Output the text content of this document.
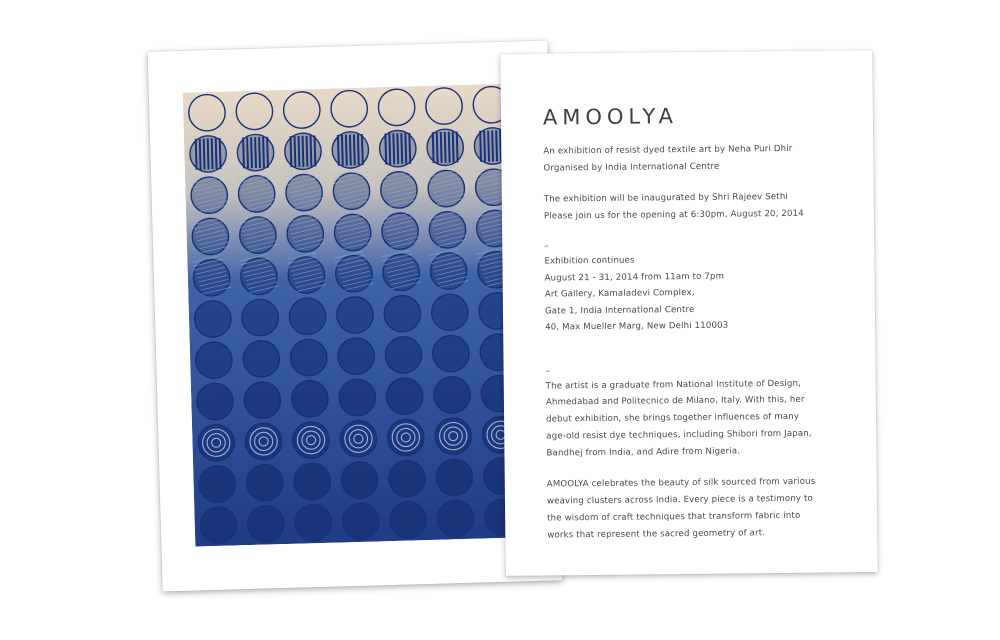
AMOOLYA
An exhibition of resist dyed textile art by Neha Puri Dhir
Organised by India International Centre
The exhibition will be inaugurated by Shri Rajeev Sethi
Please join us for the opening at 6:30pm, August 20, 2014
–
Exhibition continues
August 21 - 31, 2014 from 11am to 7pm
Art Gallery, Kamaladevi Complex,
Gate 1, India International Centre
40, Max Mueller Marg, New Delhi 110003
–
The artist is a graduate from National Institute of Design,
Ahmedabad and Politecnico de Milano, Italy. With this, her
debut exhibition, she brings together influences of many
age-old resist dye techniques, including Shibori from Japan,
Bandhej from India, and Adire from Nigeria.
AMOOLYA celebrates the beauty of silk sourced from various
weaving clusters across India. Every piece is a testimony to
the wisdom of craft techniques that transform fabric into
works that represent the sacred geometry of art.
